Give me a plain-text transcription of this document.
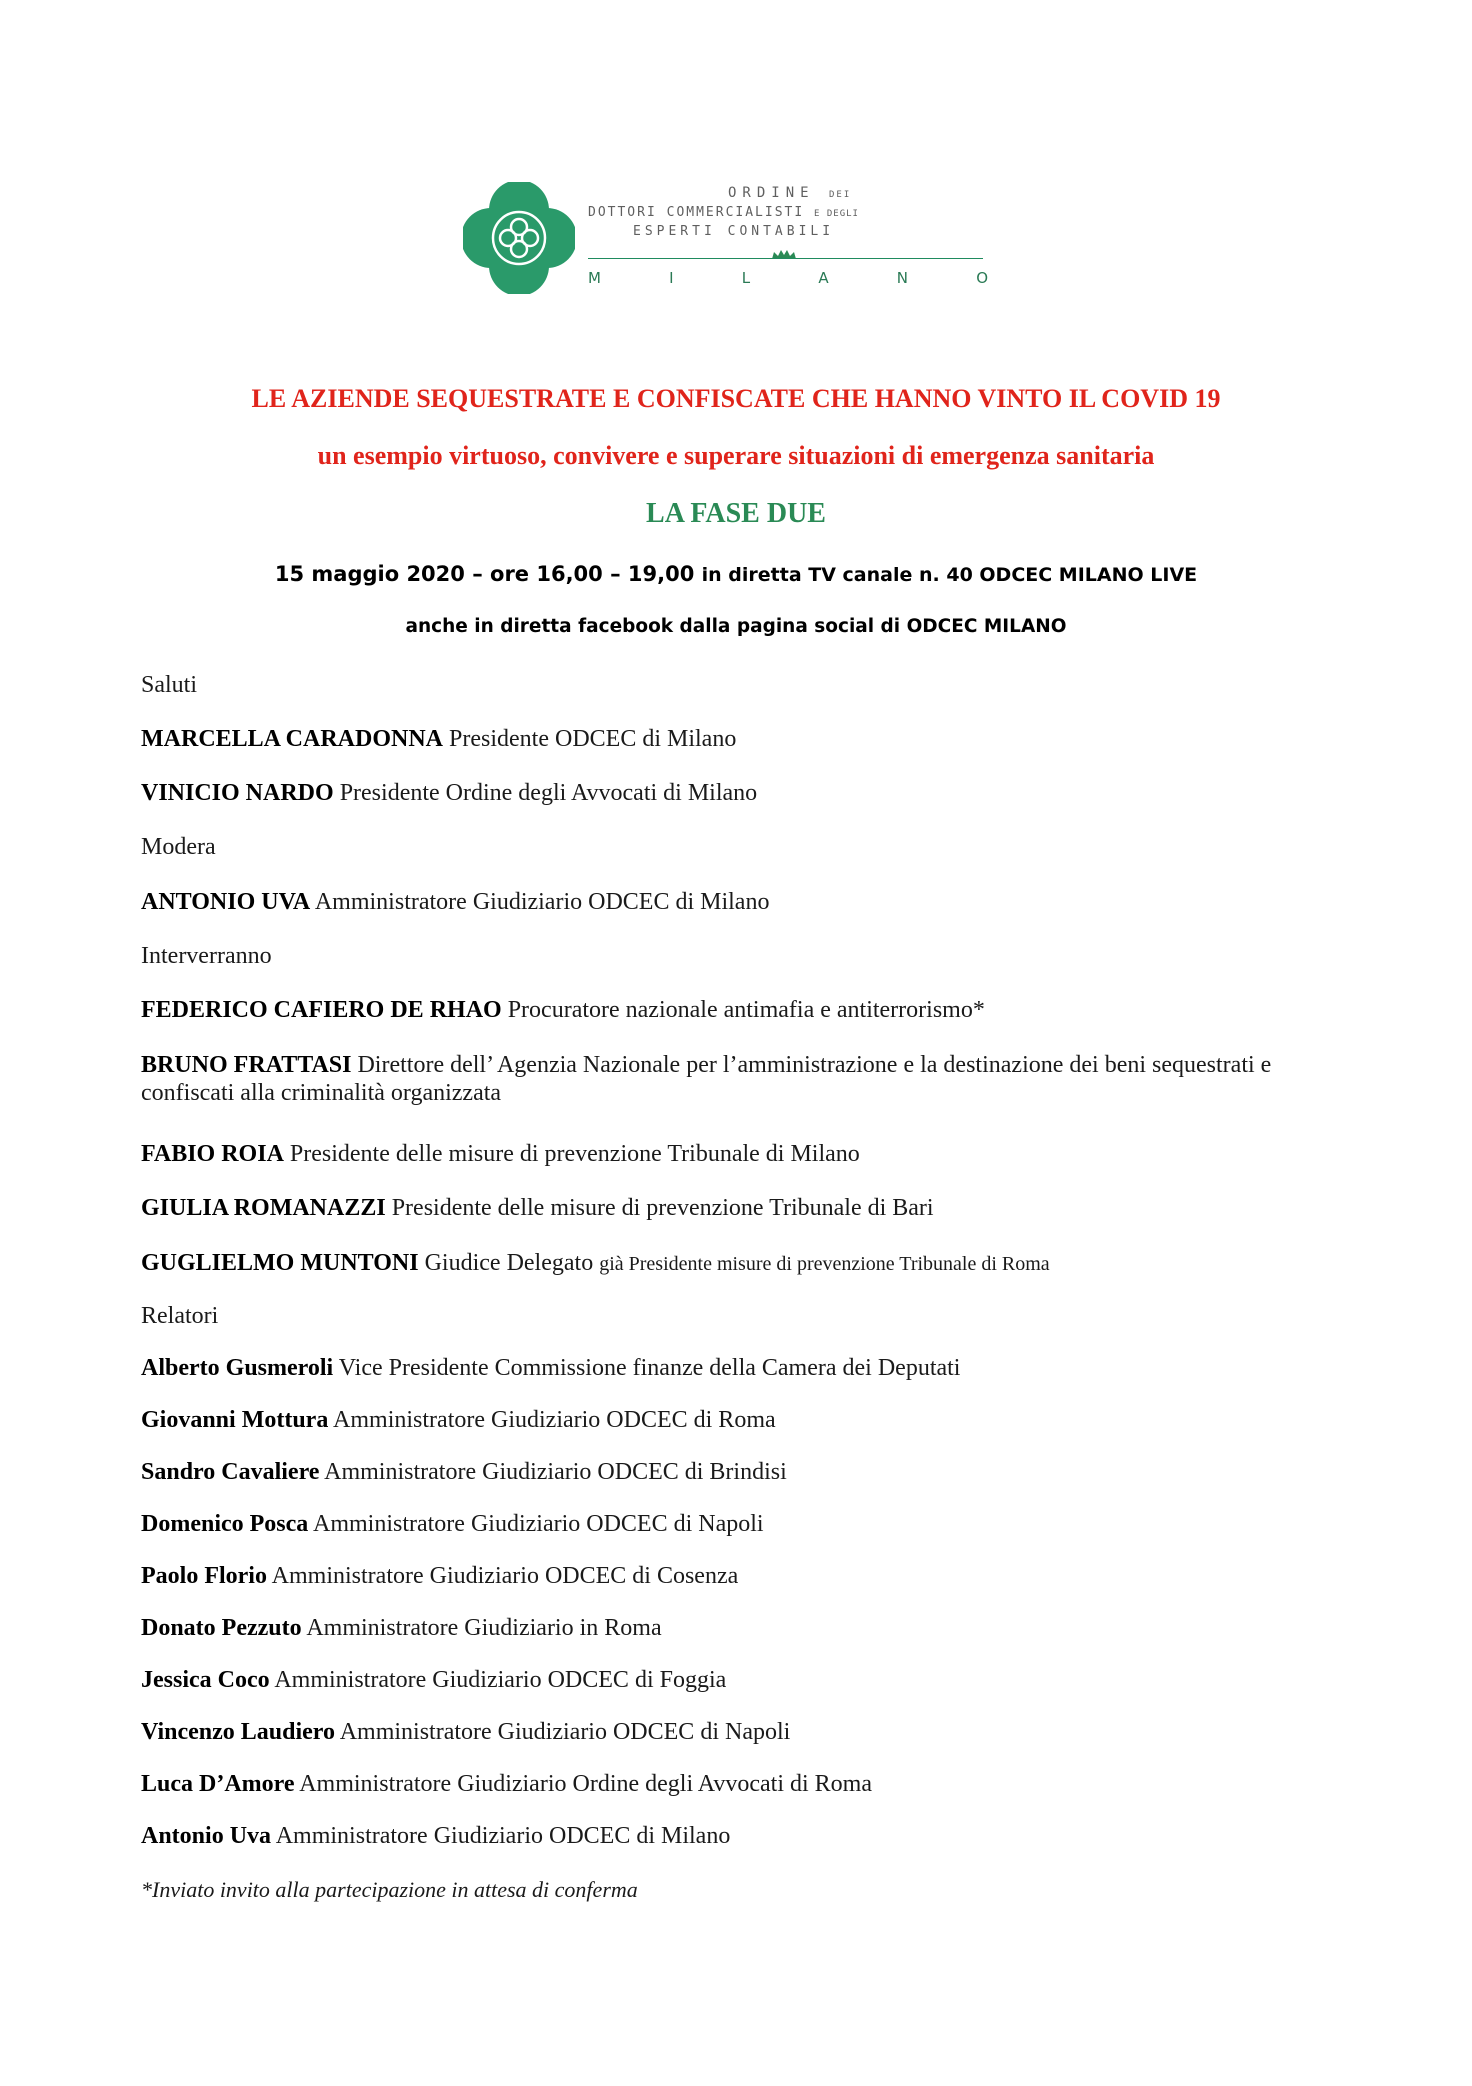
ORDINE DEI
DOTTORI COMMERCIALISTI E DEGLI
ESPERTI CONTABILI
M	I	L	A	N	O
LE AZIENDE SEQUESTRATE E CONFISCATE CHE HANNO VINTO IL COVID 19
un esempio virtuoso, convivere e superare situazioni di emergenza sanitaria
LA FASE DUE
15 maggio 2020 – ore 16,00 – 19,00 in diretta TV canale n. 40 ODCEC MILANO LIVE
anche in diretta facebook dalla pagina social di ODCEC MILANO
Saluti
MARCELLA CARADONNA Presidente ODCEC di Milano
VINICIO NARDO Presidente Ordine degli Avvocati di Milano
Modera
ANTONIO UVA Amministratore Giudiziario ODCEC di Milano
Interverranno
FEDERICO CAFIERO DE RHAO Procuratore nazionale antimafia e antiterrorismo*
BRUNO FRATTASI Direttore dell’ Agenzia Nazionale per l’amministrazione e la destinazione dei beni sequestrati e confiscati alla criminalità organizzata
FABIO ROIA Presidente delle misure di prevenzione Tribunale di Milano
GIULIA ROMANAZZI Presidente delle misure di prevenzione Tribunale di Bari
GUGLIELMO MUNTONI Giudice Delegato già Presidente misure di prevenzione Tribunale di Roma
Relatori
Alberto Gusmeroli Vice Presidente Commissione finanze della Camera dei Deputati
Giovanni Mottura Amministratore Giudiziario ODCEC di Roma
Sandro Cavaliere Amministratore Giudiziario ODCEC di Brindisi
Domenico Posca Amministratore Giudiziario ODCEC di Napoli
Paolo Florio Amministratore Giudiziario ODCEC di Cosenza
Donato Pezzuto Amministratore Giudiziario in Roma
Jessica Coco Amministratore Giudiziario ODCEC di Foggia
Vincenzo Laudiero Amministratore Giudiziario ODCEC di Napoli
Luca D’Amore Amministratore Giudiziario Ordine degli Avvocati di Roma
Antonio Uva Amministratore Giudiziario ODCEC di Milano
*Inviato invito alla partecipazione in attesa di conferma
